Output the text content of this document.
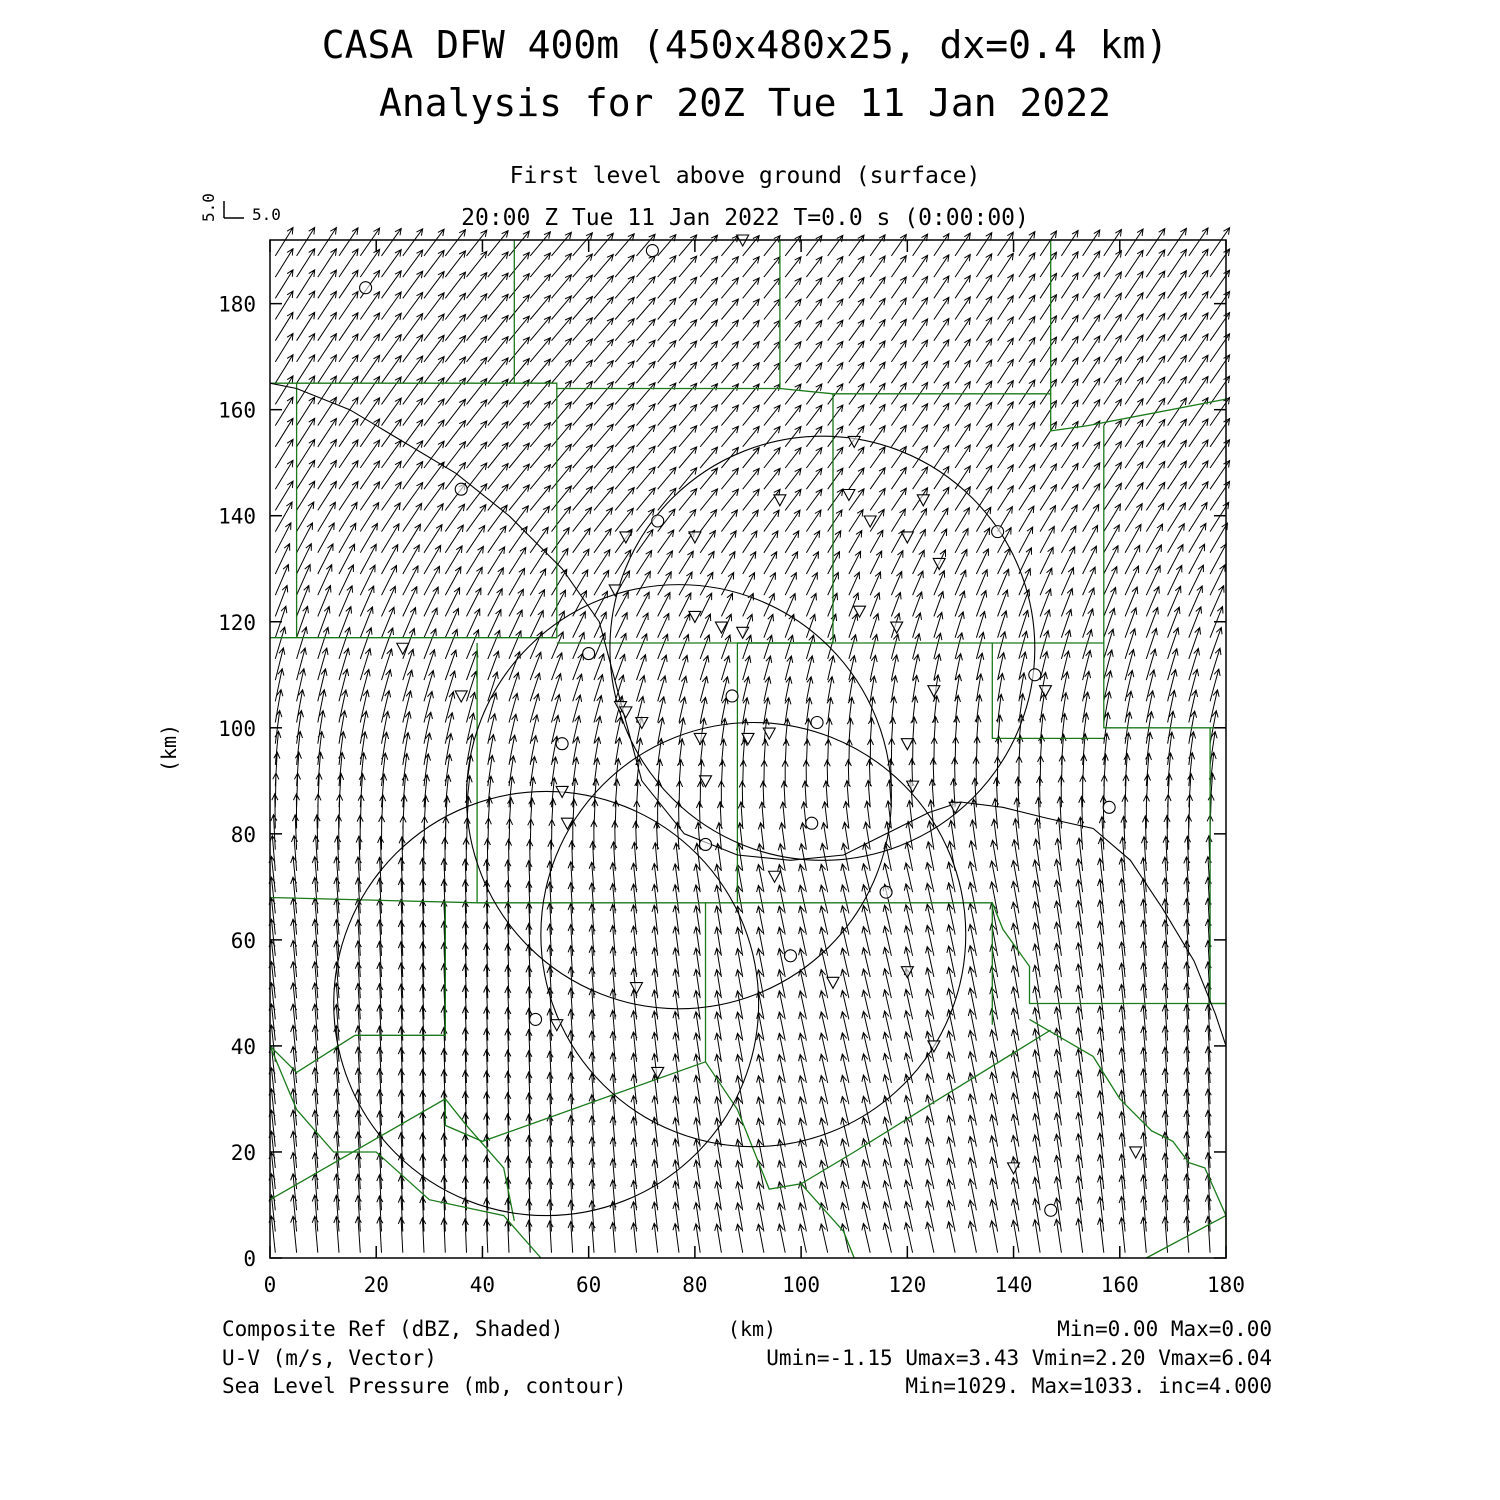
CASA DFW 400m (450x480x25, dx=0.4 km)
Analysis for 20Z Tue 11 Jan 2022
First level above ground (surface)
20:00 Z Tue 11 Jan 2022 T=0.0 s (0:00:00)
5.0
5.0
0	20	40	60	80	100	120	140	160	180
0
20
40
60
80
100
120
140
160
180
(km)
(km)
Composite Ref (dBZ, Shaded)
U-V (m/s, Vector)
Sea Level Pressure (mb, contour)
Min=0.00 Max=0.00
Umin=-1.15 Umax=3.43 Vmin=2.20 Vmax=6.04
Min=1029. Max=1033. inc=4.000
